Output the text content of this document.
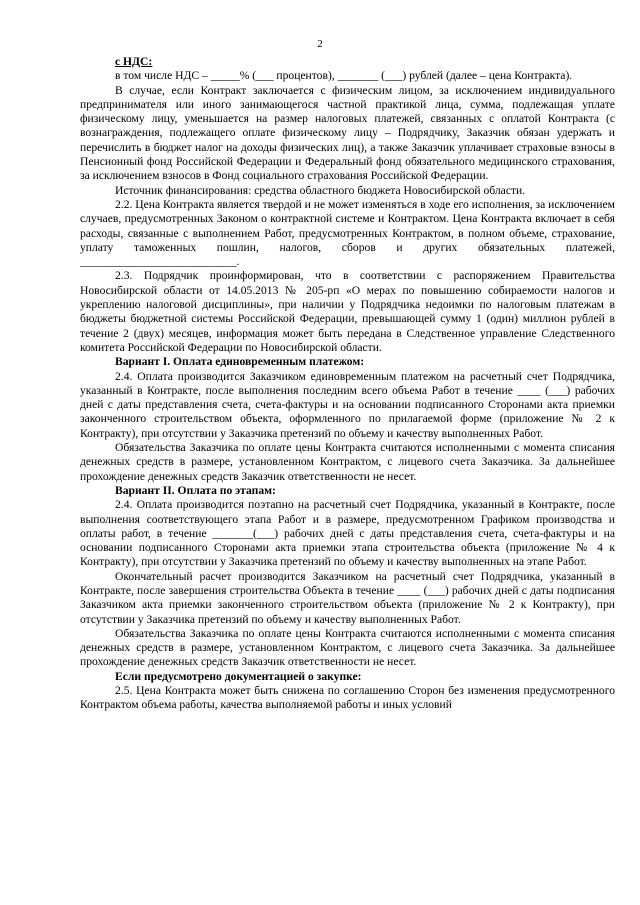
2

с НДС:

в том числе НДС – _____% (___ процентов), _______ (___) рублей (далее – цена Контракта).

В случае, если Контракт заключается с физическим лицом, за исключением индивидуального предпринимателя или иного занимающегося частной практикой лица, сумма, подлежащая уплате физическому лицу, уменьшается на размер налоговых платежей, связанных с оплатой Контракта (с вознаграждения, подлежащего оплате физическому лицу – Подрядчику, Заказчик обязан удержать и перечислить в бюджет налог на доходы физических лиц), а также Заказчик уплачивает страховые взносы в Пенсионный фонд Российской Федерации и Федеральный фонд обязательного медицинского страхования, за исключением взносов в Фонд социального страхования Российской Федерации.

Источник финансирования: средства областного бюджета Новосибирской области.

2.2. Цена Контракта является твердой и не может изменяться в ходе его исполнения, за исключением случаев, предусмотренных Законом о контрактной системе и Контрактом. Цена Контракта включает в себя расходы, связанные с выполнением Работ, предусмотренных Контрактом, в полном объеме, страхование, уплату таможенных пошлин, налогов, сборов и других обязательных платежей, ___________________________.

2.3. Подрядчик проинформирован, что в соответствии с распоряжением Правительства Новосибирской области от 14.05.2013 № 205-рп «О мерах по повышению собираемости налогов и укреплению налоговой дисциплины», при наличии у Подрядчика недоимки по налоговым платежам в бюджеты бюджетной системы Российской Федерации, превышающей сумму 1 (один) миллион рублей в течение 2 (двух) месяцев, информация может быть передана в Следственное управление Следственного комитета Российской Федерации по Новосибирской области.

Вариант I. Оплата единовременным платежом:

2.4. Оплата производится Заказчиком единовременным платежом на расчетный счет Подрядчика, указанный в Контракте, после выполнения последним всего объема Работ в течение ____ (___) рабочих дней с даты представления счета, счета-фактуры и на основании подписанного Сторонами акта приемки законченного строительством объекта, оформленного по прилагаемой форме (приложение № 2 к Контракту), при отсутствии у Заказчика претензий по объему и качеству выполненных Работ.

Обязательства Заказчика по оплате цены Контракта считаются исполненными с момента списания денежных средств в размере, установленном Контрактом, с лицевого счета Заказчика. За дальнейшее прохождение денежных средств Заказчик ответственности не несет.

Вариант II. Оплата по этапам:

2.4. Оплата производится поэтапно на расчетный счет Подрядчика, указанный в Контракте, после выполнения соответствующего этапа Работ и в размере, предусмотренном Графиком производства и оплаты работ, в течение _______(___) рабочих дней с даты представления счета, счета-фактуры и на основании подписанного Сторонами акта приемки этапа строительства объекта (приложение № 4 к Контракту), при отсутствии у Заказчика претензий по объему и качеству выполненных на этапе Работ.

Окончательный расчет производится Заказчиком на расчетный счет Подрядчика, указанный в Контракте, после завершения строительства Объекта в течение ____ (___) рабочих дней с даты подписания Заказчиком акта приемки законченного строительством объекта (приложение № 2 к Контракту), при отсутствии у Заказчика претензий по объему и качеству выполненных Работ.

Обязательства Заказчика по оплате цены Контракта считаются исполненными с момента списания денежных средств в размере, установленном Контрактом, с лицевого счета Заказчика. За дальнейшее прохождение денежных средств Заказчик ответственности не несет.

Если предусмотрено документацией о закупке:

2.5. Цена Контракта может быть снижена по соглашению Сторон без изменения предусмотренного Контрактом объема работы, качества выполняемой работы и иных условий
